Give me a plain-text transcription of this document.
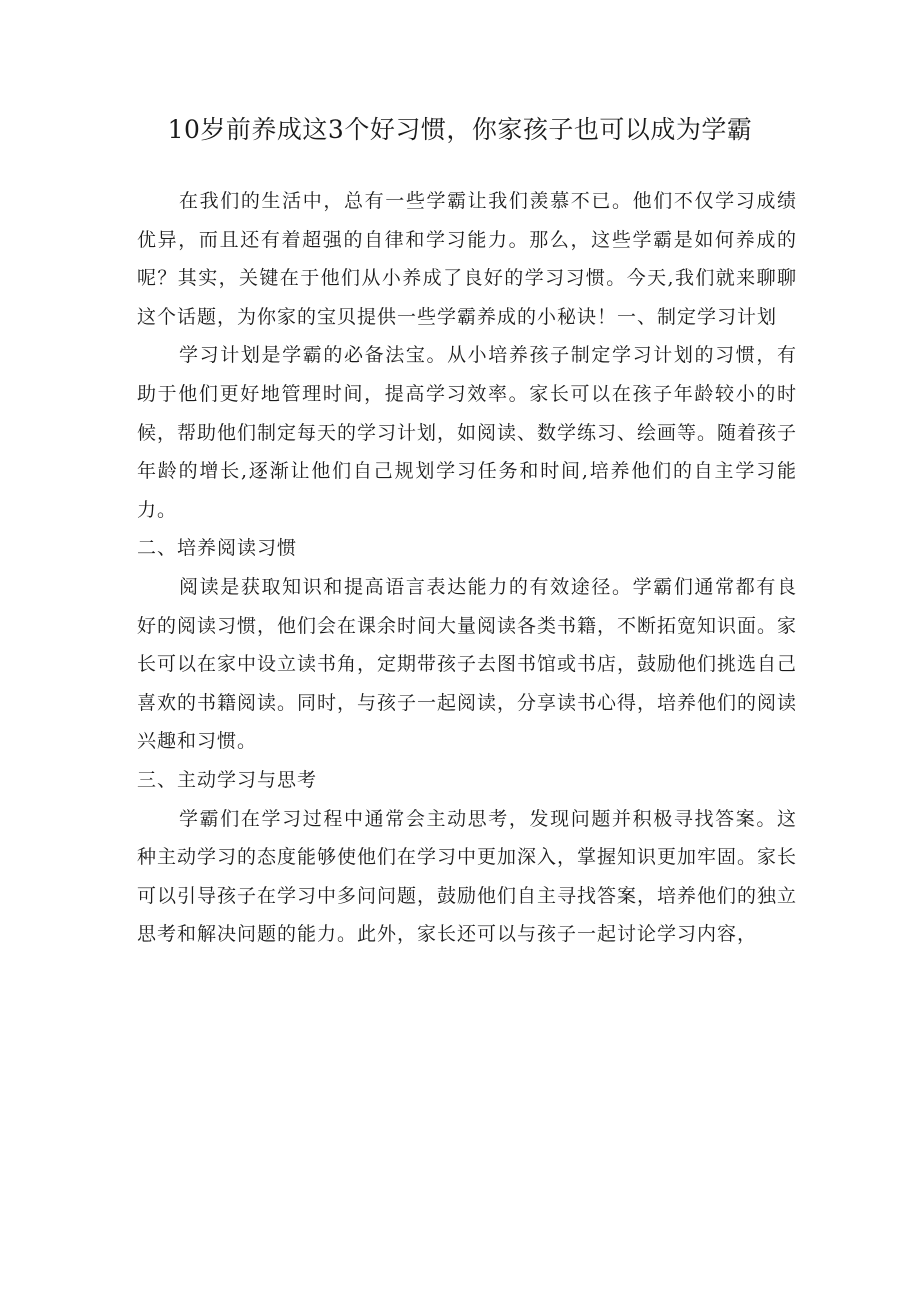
10岁前养成这3个好习惯，你家孩子也可以成为学霸

在我们的生活中，总有一些学霸让我们羡慕不已。他们不仅学习成绩优异，而且还有着超强的自律和学习能力。那么，这些学霸是如何养成的呢？其实，关键在于他们从小养成了良好的学习习惯。今天,我们就来聊聊这个话题，为你家的宝贝提供一些学霸养成的小秘诀！一、制定学习计划

学习计划是学霸的必备法宝。从小培养孩子制定学习计划的习惯，有助于他们更好地管理时间，提高学习效率。家长可以在孩子年龄较小的时候，帮助他们制定每天的学习计划，如阅读、数学练习、绘画等。随着孩子年龄的增长,逐渐让他们自己规划学习任务和时间,培养他们的自主学习能力。

二、培养阅读习惯

阅读是获取知识和提高语言表达能力的有效途径。学霸们通常都有良好的阅读习惯，他们会在课余时间大量阅读各类书籍，不断拓宽知识面。家长可以在家中设立读书角，定期带孩子去图书馆或书店，鼓励他们挑选自己喜欢的书籍阅读。同时，与孩子一起阅读，分享读书心得，培养他们的阅读兴趣和习惯。

三、主动学习与思考

学霸们在学习过程中通常会主动思考，发现问题并积极寻找答案。这种主动学习的态度能够使他们在学习中更加深入，掌握知识更加牢固。家长可以引导孩子在学习中多问问题，鼓励他们自主寻找答案，培养他们的独立思考和解决问题的能力。此外，家长还可以与孩子一起讨论学习内容，
